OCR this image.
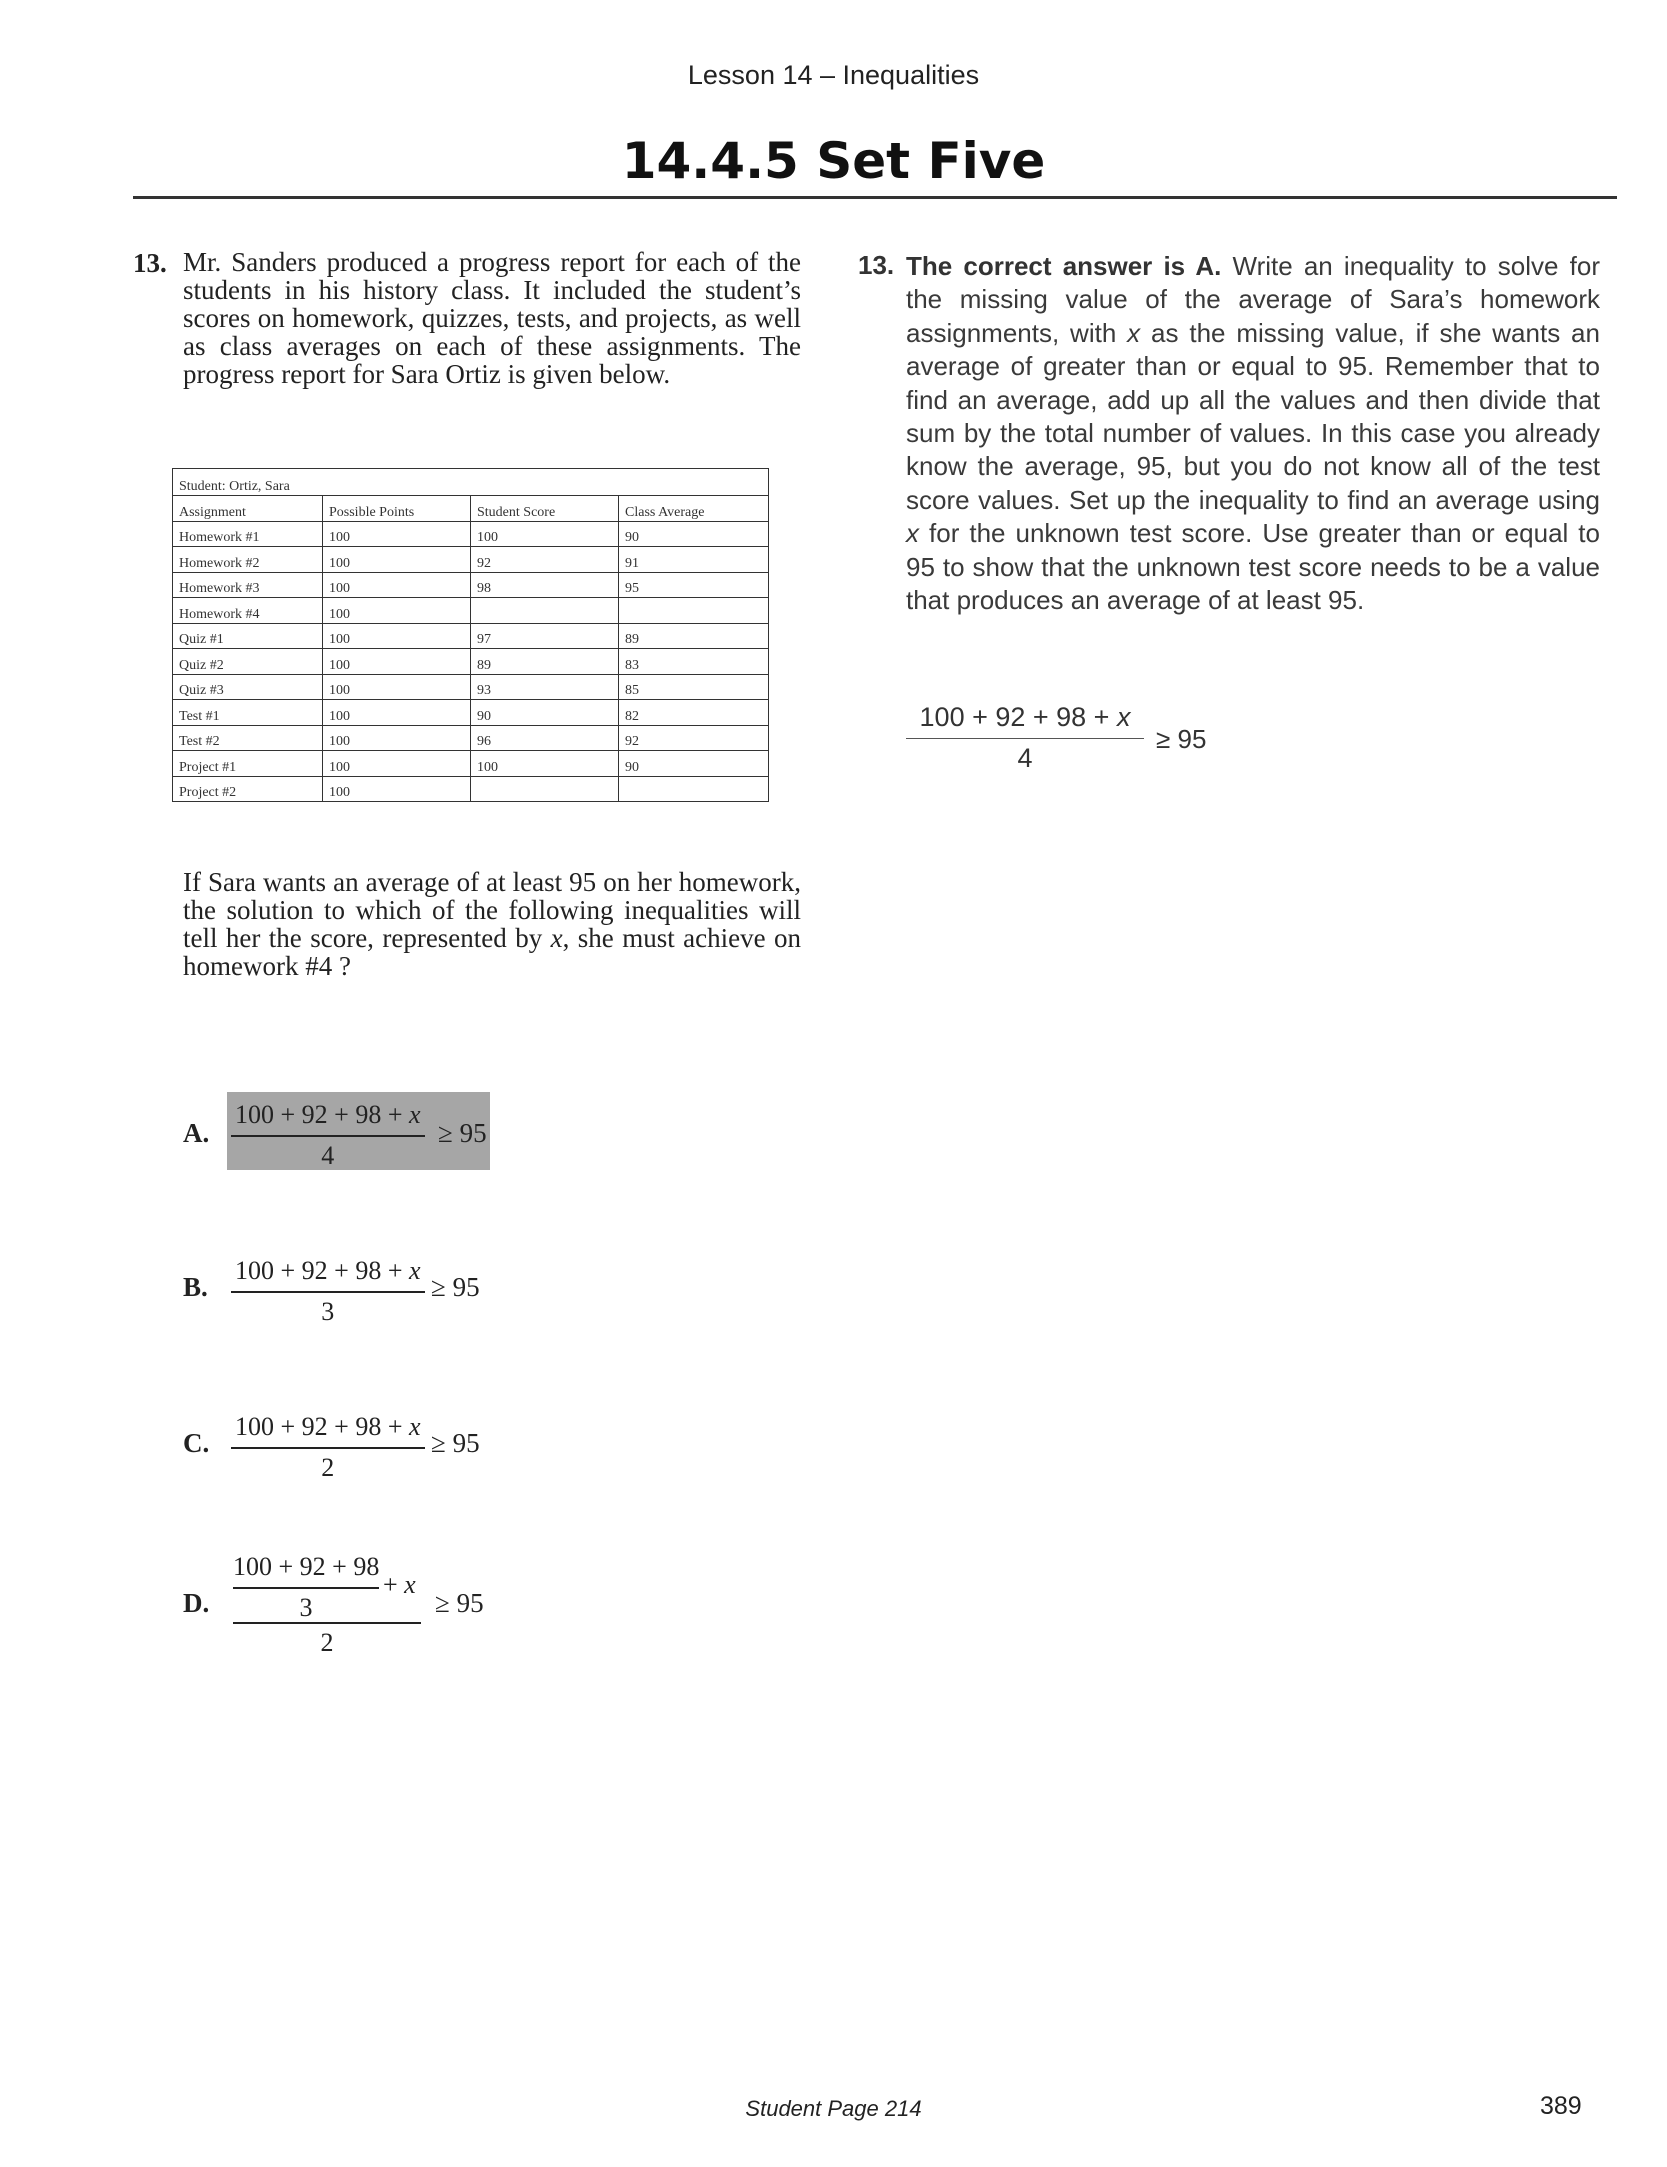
Lesson 14 – Inequalities
14.4.5 Set Five
13. Mr. Sanders produced a progress report for each of the students in his history class. It included the student’s scores on homework, quizzes, tests, and projects, as well as class averages on each of these assignments. The progress report for Sara Ortiz is given below.
If Sara wants an average of at least 95 on her homework, the solution to which of the following inequalities will tell her the score, represented by x, she must achieve on homework #4 ?
Student: Ortiz, Sara			
Assignment	Possible Points	Student Score	Class Average
Homework #1	100	100	90
Homework #2	100	92	91
Homework #3	100	98	95
Homework #4	100		
Quiz #1	100	97	89
Quiz #2	100	89	83
Quiz #3	100	93	85
Test #1	100	90	82
Test #2	100	96	92
Project #1	100	100	90
Project #2	100		
A.
100 + 92 + 98 + x
4
≥ 95
B.
100 + 92 + 98 + x
3
≥ 95
C.
100 + 92 + 98 + x
2
≥ 95
D.
100 + 92 + 98
3
+ x
2
≥ 95
13. The correct answer is A. Write an inequality to solve for the missing value of the average of Sara’s homework assignments, with x as the missing value, if she wants an average of greater than or equal to 95. Remember that to find an average, add up all the values and then divide that sum by the total number of values. In this case you already know the average, 95, but you do not know all of the test score values. Set up the inequality to find an average using x for the unknown test score. Use greater than or equal to 95 to show that the unknown test score needs to be a value that produces an average of at least 95.
100 + 92 + 98 + x
4
≥ 95
Student Page 214	389
